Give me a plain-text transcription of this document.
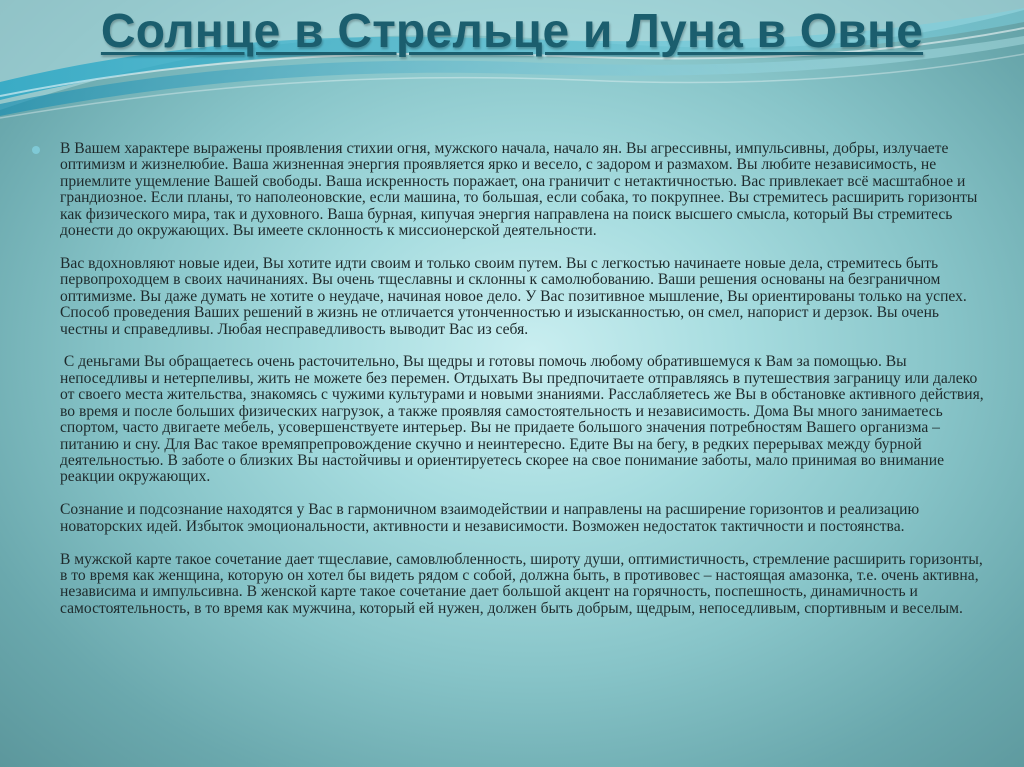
Солнце в Стрельце и Луна в Овне

В Вашем характере выражены проявления стихии огня, мужского начала, начало ян. Вы агрессивны, импульсивны, добры, излучаете оптимизм и жизнелюбие. Ваша жизненная энергия проявляется ярко и весело, с задором и размахом. Вы любите независимость, не приемлите ущемление Вашей свободы. Ваша искренность поражает, она граничит с нетактичностью. Вас привлекает всё масштабное и грандиозное. Если планы, то наполеоновские, если машина, то большая, если собака, то покрупнее. Вы стремитесь расширить горизонты как физического мира, так и духовного. Ваша бурная, кипучая энергия направлена на поиск высшего смысла, который Вы стремитесь донести до окружающих. Вы имеете склонность к миссионерской деятельности.

Вас вдохновляют новые идеи, Вы хотите идти своим и только своим путем. Вы с легкостью начинаете новые дела, стремитесь быть первопроходцем в своих начинаниях. Вы очень тщеславны и склонны к самолюбованию. Ваши решения основаны на безграничном оптимизме. Вы даже думать не хотите о неудаче, начиная новое дело. У Вас позитивное мышление, Вы ориентированы только на успех. Способ проведения Ваших решений в жизнь не отличается утонченностью и изысканностью, он смел, напорист и дерзок. Вы очень честны и справедливы. Любая несправедливость выводит Вас из себя.

С деньгами Вы обращаетесь очень расточительно, Вы щедры и готовы помочь любому обратившемуся к Вам за помощью. Вы непоседливы и нетерпеливы, жить не можете без перемен. Отдыхать Вы предпочитаете отправляясь в путешествия заграницу или далеко от своего места жительства, знакомясь с чужими культурами и новыми знаниями. Расслабляетесь же Вы в обстановке активного действия, во время и после больших физических нагрузок, а также проявляя самостоятельность и независимость. Дома Вы много занимаетесь спортом, часто двигаете мебель, усовершенствуете интерьер. Вы не придаете большого значения потребностям Вашего организма – питанию и сну. Для Вас такое времяпрепровождение скучно и неинтересно. Едите Вы на бегу, в редких перерывах между бурной деятельностью. В заботе о близких Вы настойчивы и ориентируетесь скорее на свое понимание заботы, мало принимая во внимание реакции окружающих.

Сознание и подсознание находятся у Вас в гармоничном взаимодействии и направлены на расширение горизонтов и реализацию новаторских идей. Избыток эмоциональности, активности и независимости. Возможен недостаток тактичности и постоянства.

В мужской карте такое сочетание дает тщеславие, самовлюбленность, широту души, оптимистичность, стремление расширить горизонты, в то время как женщина, которую он хотел бы видеть рядом с собой, должна быть, в противовес – настоящая амазонка, т.е. очень активна, независима и импульсивна. В женской карте такое сочетание дает большой акцент на горячность, поспешность, динамичность и самостоятельность, в то время как мужчина, который ей нужен, должен быть добрым, щедрым, непоседливым, спортивным и веселым.
